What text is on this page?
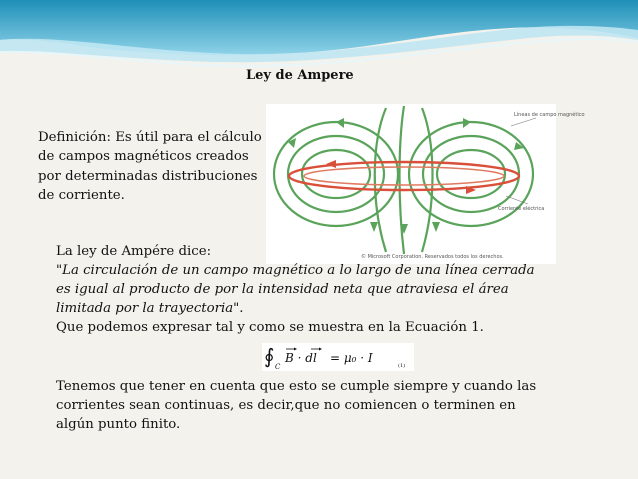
Ley de Ampere
Definición: Es útil para el cálculo de campos magnéticos creados por determinadas distribuciones de corriente.
Líneas de campo magnético
Corriente eléctrica
© Microsoft Corporation. Reservados todos los derechos.

La ley de Ampére dice:

"La circulación de un campo magnético a lo largo de una línea cerrada es igual al producto de por la intensidad neta que atraviesa el área limitada por la trayectoria".

Que podemos expresar tal y como se muestra en la Ecuación 1.

∮ C
B · dl = μ₀ · I
(1)
Tenemos que tener en cuenta que esto se cumple siempre y cuando las corrientes sean continuas, es decir,que no comiencen o terminen en algún punto finito.
